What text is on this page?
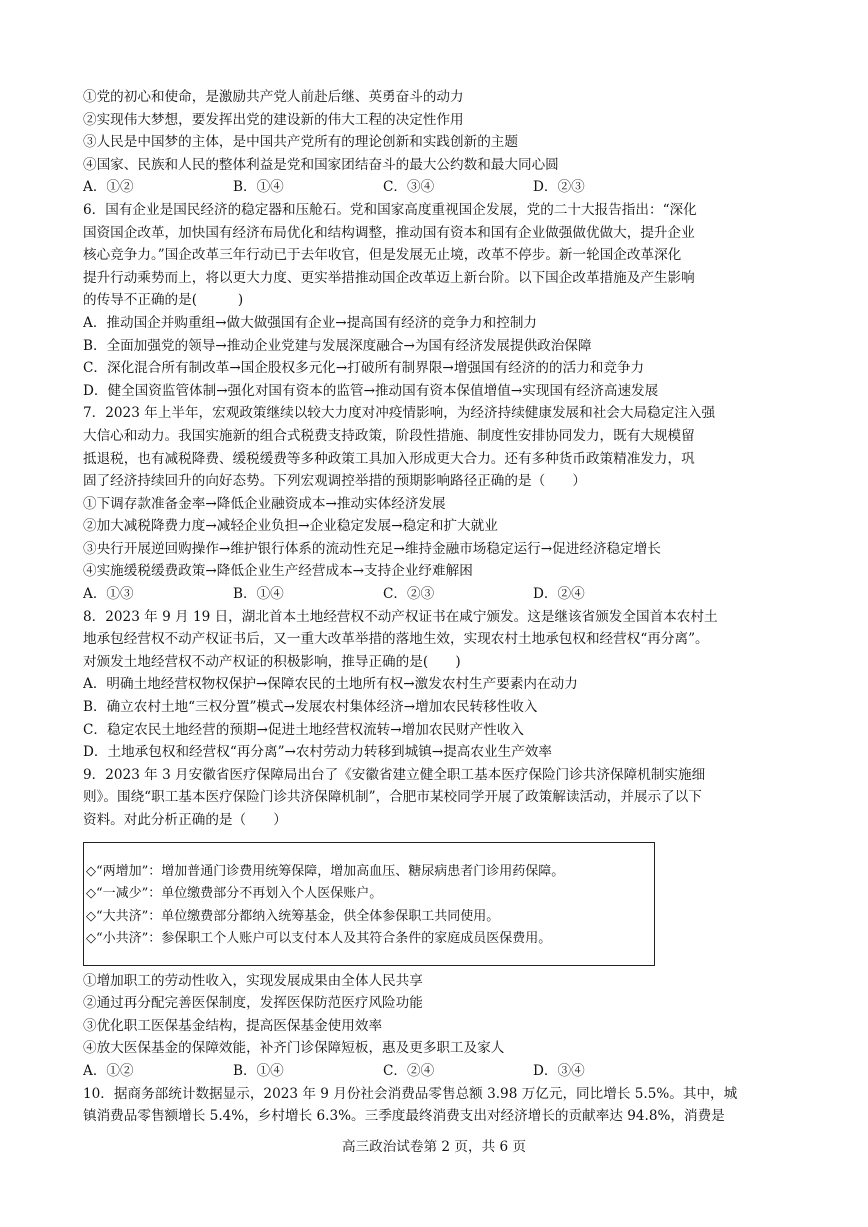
①党的初心和使命，是激励共产党人前赴后继、英勇奋斗的动力
②实现伟大梦想，要发挥出党的建设新的伟大工程的决定性作用
③人民是中国梦的主体，是中国共产党所有的理论创新和实践创新的主题
④国家、民族和人民的整体利益是党和国家团结奋斗的最大公约数和最大同心圆
A．①②	B．①④	C．③④	D．②③
6．国有企业是国民经济的稳定器和压舱石。党和国家高度重视国企发展，党的二十大报告指出：“深化
国资国企改革，加快国有经济布局优化和结构调整，推动国有资本和国有企业做强做优做大，提升企业
核心竞争力。”国企改革三年行动已于去年收官，但是发展无止境，改革不停步。新一轮国企改革深化
提升行动乘势而上，将以更大力度、更实举措推动国企改革迈上新台阶。以下国企改革措施及产生影响
的传导不正确的是(　　　)
A．推动国企并购重组→做大做强国有企业→提高国有经济的竞争力和控制力
B．全面加强党的领导→推动企业党建与发展深度融合→为国有经济发展提供政治保障
C．深化混合所有制改革→国企股权多元化→打破所有制界限→增强国有经济的的活力和竞争力
D．健全国资监管体制→强化对国有资本的监管→推动国有资本保值增值→实现国有经济高速发展
7．2023 年上半年，宏观政策继续以较大力度对冲疫情影响，为经济持续健康发展和社会大局稳定注入强
大信心和动力。我国实施新的组合式税费支持政策，阶段性措施、制度性安排协同发力，既有大规模留
抵退税，也有减税降费、缓税缓费等多种政策工具加入形成更大合力。还有多种货币政策精准发力，巩
固了经济持续回升的向好态势。下列宏观调控举措的预期影响路径正确的是（　　）
①下调存款准备金率→降低企业融资成本→推动实体经济发展
②加大减税降费力度→减轻企业负担→企业稳定发展→稳定和扩大就业
③央行开展逆回购操作→维护银行体系的流动性充足→维持金融市场稳定运行→促进经济稳定增长
④实施缓税缓费政策→降低企业生产经营成本→支持企业纾难解困
A．①③	B．①④	C．②③	D．②④
8．2023 年 9 月 19 日，湖北首本土地经营权不动产权证书在咸宁颁发。这是继该省颁发全国首本农村土
地承包经营权不动产权证书后，又一重大改革举措的落地生效，实现农村土地承包权和经营权“再分离”。
对颁发土地经营权不动产权证的积极影响，推导正确的是(　　)
A．明确土地经营权物权保护→保障农民的土地所有权→激发农村生产要素内在动力
B．确立农村土地“三权分置”模式→发展农村集体经济→增加农民转移性收入
C．稳定农民土地经营的预期→促进土地经营权流转→增加农民财产性收入
D．土地承包权和经营权“再分离”→农村劳动力转移到城镇→提高农业生产效率
9．2023 年 3 月安徽省医疗保障局出台了《安徽省建立健全职工基本医疗保险门诊共济保障机制实施细
则》。围绕“职工基本医疗保险门诊共济保障机制”，合肥市某校同学开展了政策解读活动，并展示了以下
资料。对此分析正确的是（　　）
◇“两增加”：增加普通门诊费用统筹保障，增加高血压、糖尿病患者门诊用药保障。
◇“一减少”：单位缴费部分不再划入个人医保账户。
◇“大共济”：单位缴费部分都纳入统筹基金，供全体参保职工共同使用。
◇“小共济”：参保职工个人账户可以支付本人及其符合条件的家庭成员医保费用。
①增加职工的劳动性收入，实现发展成果由全体人民共享
②通过再分配完善医保制度，发挥医保防范医疗风险功能
③优化职工医保基金结构，提高医保基金使用效率
④放大医保基金的保障效能，补齐门诊保障短板，惠及更多职工及家人
A．①②	B．①④	C．②④	D．③④
10．据商务部统计数据显示，2023 年 9 月份社会消费品零售总额 3.98 万亿元，同比增长 5.5%。其中，城
镇消费品零售额增长 5.4%，乡村增长 6.3%。三季度最终消费支出对经济增长的贡献率达 94.8%，消费是
高三政治试卷第 2 页，共 6 页
